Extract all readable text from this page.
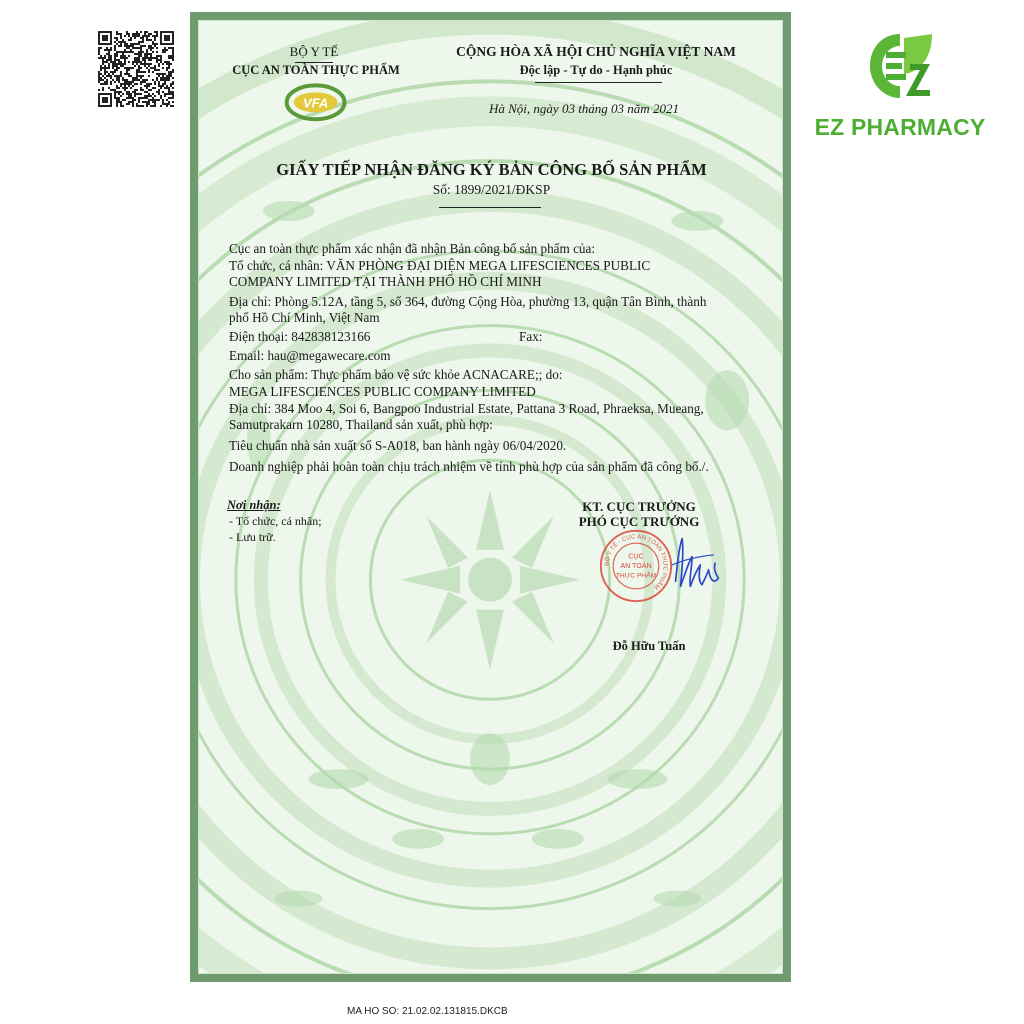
EZ PHARMACY
VFA
BỘ Y TẾ
CỤC AN TOÀN THỰC PHẨM
CỘNG HÒA XÃ HỘI CHỦ NGHĨA VIỆT NAM
Độc lập - Tự do - Hạnh phúc
Hà Nội, ngày 03 tháng 03 năm 2021
GIẤY TIẾP NHẬN ĐĂNG KÝ BẢN CÔNG BỐ SẢN PHẨM
Số: 1899/2021/ĐKSP
Cục an toàn thực phẩm xác nhận đã nhận Bản công bố sản phẩm của:
Tổ chức, cá nhân: VĂN PHÒNG ĐẠI DIỆN MEGA LIFESCIENCES PUBLIC
COMPANY LIMITED TẠI THÀNH PHỐ HỒ CHÍ MINH
Địa chỉ: Phòng 5.12A, tầng 5, số 364, đường Cộng Hòa, phường 13, quận Tân Bình, thành
phố Hồ Chí Minh, Việt Nam
Điện thoại: 842838123166	Fax:
Email: hau@megawecare.com
Cho sản phẩm: Thực phẩm bảo vệ sức khỏe ACNACARE;; do:
MEGA LIFESCIENCES PUBLIC COMPANY LIMITED
Địa chỉ: 384 Moo 4, Soi 6, Bangpoo Industrial Estate, Pattana 3 Road, Phraeksa, Mueang,
Samutprakarn 10280, Thailand sản xuất, phù hợp:
Tiêu chuẩn nhà sản xuất số S-A018, ban hành ngày 06/04/2020.
Doanh nghiệp phải hoàn toàn chịu trách nhiệm về tính phù hợp của sản phẩm đã công bố./.
Nơi nhận:
- Tổ chức, cá nhân;
- Lưu trữ.
KT. CỤC TRƯỞNG
PHÓ CỤC TRƯỞNG
Đỗ Hữu Tuấn
BỘ Y TẾ · CỤC AN TOÀN THỰC PHẨM
CỤC
AN TOÀN
THỰC PHẨM
MA HO SO: 21.02.02.131815.DKCB
